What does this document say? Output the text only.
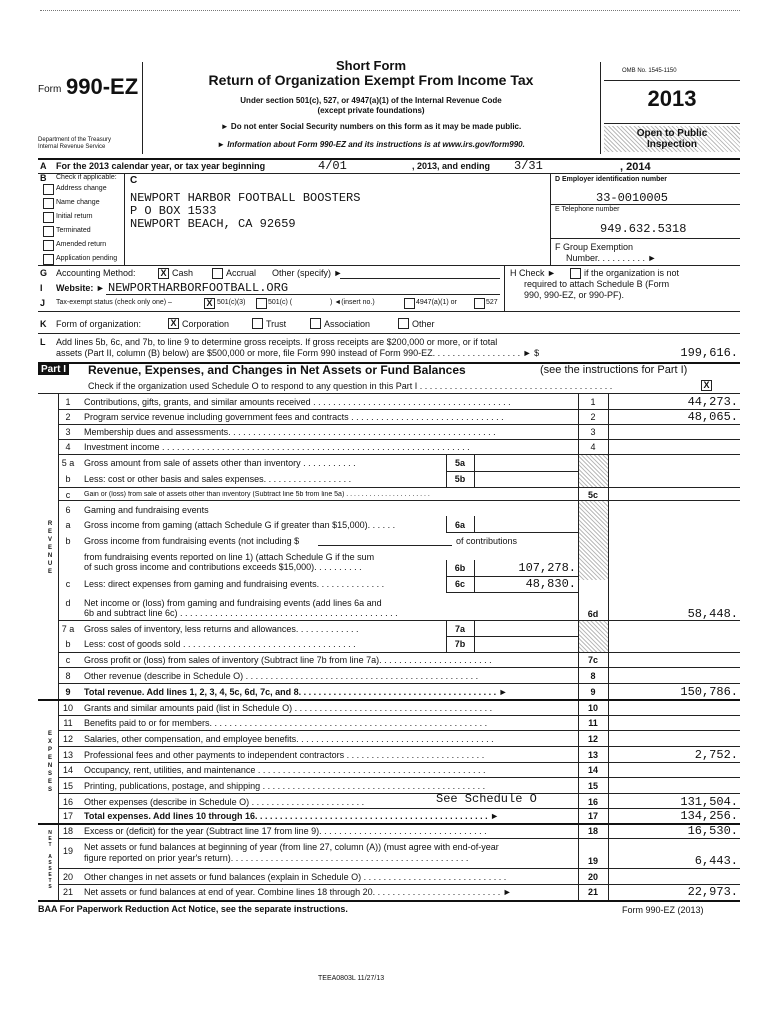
Form 990-EZ
Department of the Treasury
Internal Revenue Service
Short Form
Return of Organization Exempt From Income Tax
Under section 501(c), 527, or 4947(a)(1) of the Internal Revenue Code
(except private foundations)
► Do not enter Social Security numbers on this form as it may be made public.
► Information about Form 990-EZ and its instructions is at www.irs.gov/form990.
OMB No. 1545-1150
2013
Open to Public
Inspection
A For the 2013 calendar year, or tax year beginning	4/01	, 2013, and ending 3/31	, 2014
B Check if applicable:
Address change
Name change
Initial return
Terminated
Amended return
Application pending
C
NEWPORT HARBOR FOOTBALL BOOSTERS
P O BOX 1533
NEWPORT BEACH, CA 92659
D Employer identification number
33-0010005
E Telephone number
949.632.5318
F Group Exemption
Number. . . . . . . . . . ►
G Accounting Method:	X Cash	Accrual Other (specify) ►	H Check ►	if the organization is not
required to attach Schedule B (Form
990, 990-EZ, or 990-PF).
I Website: ► NEWPORTHARBORFOOTBALL.ORG
J Tax-exempt status (check only one) –	X 501(c)(3)	501(c) (	) ◄(insert no.)	4947(a)(1) or	527
K Form of organization:	X Corporation	Trust	Association	Other
L Add lines 5b, 6c, and 7b, to line 9 to determine gross receipts. If gross receipts are $200,000 or more, or if total
assets (Part II, column (B) below) are $500,000 or more, file Form 990 instead of Form 990-EZ. . . . . . . . . . . . . . . . . . ► $	199,616.
Part I Revenue, Expenses, and Changes in Net Assets or Fund Balances	(see the instructions for Part I)
Check if the organization used Schedule O to respond to any question in this Part I . . . . . . . . . . . . . . . . . . . . . . . . . . . . . . . . . . . . . . .	X
R
E
V
E
N
U
E
E
X
P
E
N
S
E
S
N
E
T

A
S
S
E
T
S
1	Contributions, gifts, grants, and similar amounts received . . . . . . . . . . . . . . . . . . . . . . . . . . . . . . . . . . . . . . . .	1	44,273.
2	Program service revenue including government fees and contracts . . . . . . . . . . . . . . . . . . . . . . . . . . . . . . .	2	48,065.
3	Membership dues and assessments. . . . . . . . . . . . . . . . . . . . . . . . . . . . . . . . . . . . . . . . . . . . . . . . . . . . . .	3
4	Investment income . . . . . . . . . . . . . . . . . . . . . . . . . . . . . . . . . . . . . . . . . . . . . . . . . . . . . . . . . . . . . .	4
5 a	Gross amount from sale of assets other than inventory . . . . . . . . . . .	5a
b	Less: cost or other basis and sales expenses. . . . . . . . . . . . . . . . . .	5b
c	Gain or (loss) from sale of assets other than inventory (Subtract line 5b from line 5a) . . . . . . . . . . . . . . . . . . . . . .	5c
6	Gaming and fundraising events
a	Gross income from gaming (attach Schedule G if greater than $15,000). . . . . .	6a
b	Gross income from fundraising events (not including $	of contributions
from fundraising events reported on line 1) (attach Schedule G if the sum
of such gross income and contributions exceeds $15,000). . . . . . . . . .	6b	107,278.
c	Less: direct expenses from gaming and fundraising events. . . . . . . . . . . . . .	6c	48,830.
d	Net income or (loss) from gaming and fundraising events (add lines 6a and
6b and subtract line 6c) . . . . . . . . . . . . . . . . . . . . . . . . . . . . . . . . . . . . . . . . . . . .	6d	58,448.
7 a	Gross sales of inventory, less returns and allowances. . . . . . . . . . . . .	7a
b	Less: cost of goods sold . . . . . . . . . . . . . . . . . . . . . . . . . . . . . . . . . . .	7b
c	Gross profit or (loss) from sales of inventory (Subtract line 7b from line 7a). . . . . . . . . . . . . . . . . . . . . . .	7c
8	Other revenue (describe in Schedule O) . . . . . . . . . . . . . . . . . . . . . . . . . . . . . . . . . . . . . . . . . . . . . . .	8
9	Total revenue. Add lines 1, 2, 3, 4, 5c, 6d, 7c, and 8. . . . . . . . . . . . . . . . . . . . . . . . . . . . . . . . . . . . . . . . ►	9	150,786.
10	Grants and similar amounts paid (list in Schedule O) . . . . . . . . . . . . . . . . . . . . . . . . . . . . . . . . . . . . . . . .	10
11	Benefits paid to or for members. . . . . . . . . . . . . . . . . . . . . . . . . . . . . . . . . . . . . . . . . . . . . . . . . . . . . . . .	11
12	Salaries, other compensation, and employee benefits. . . . . . . . . . . . . . . . . . . . . . . . . . . . . . . . . . . . . . . .	12
13	Professional fees and other payments to independent contractors . . . . . . . . . . . . . . . . . . . . . . . . . . . .	13	2,752.
14	Occupancy, rent, utilities, and maintenance . . . . . . . . . . . . . . . . . . . . . . . . . . . . . . . . . . . . . . . . . . . . . .	14
15	Printing, publications, postage, and shipping . . . . . . . . . . . . . . . . . . . . . . . . . . . . . . . . . . . . . . . . . . . . .	15
16	Other expenses (describe in Schedule O) . . . . . . . . . . . . . . . . . . . . . . .	See Schedule O	16	131,504.
17	Total expenses. Add lines 10 through 16. . . . . . . . . . . . . . . . . . . . . . . . . . . . . . . . . . . . . . . . . . . . . . . ►	17	134,256.
18	Excess or (deficit) for the year (Subtract line 17 from line 9). . . . . . . . . . . . . . . . . . . . . . . . . . . . . . . . . .	18	16,530.
19	Net assets or fund balances at beginning of year (from line 27, column (A)) (must agree with end-of-year
figure reported on prior year's return). . . . . . . . . . . . . . . . . . . . . . . . . . . . . . . . . . . . . . . . . . . . . . . .	19	6,443.
20	Other changes in net assets or fund balances (explain in Schedule O) . . . . . . . . . . . . . . . . . . . . . . . . . . . . .	20
21	Net assets or fund balances at end of year. Combine lines 18 through 20. . . . . . . . . . . . . . . . . . . . . . . . . . ►	21	22,973.
BAA For Paperwork Reduction Act Notice, see the separate instructions.	Form 990-EZ (2013)
TEEA0803L 11/27/13
